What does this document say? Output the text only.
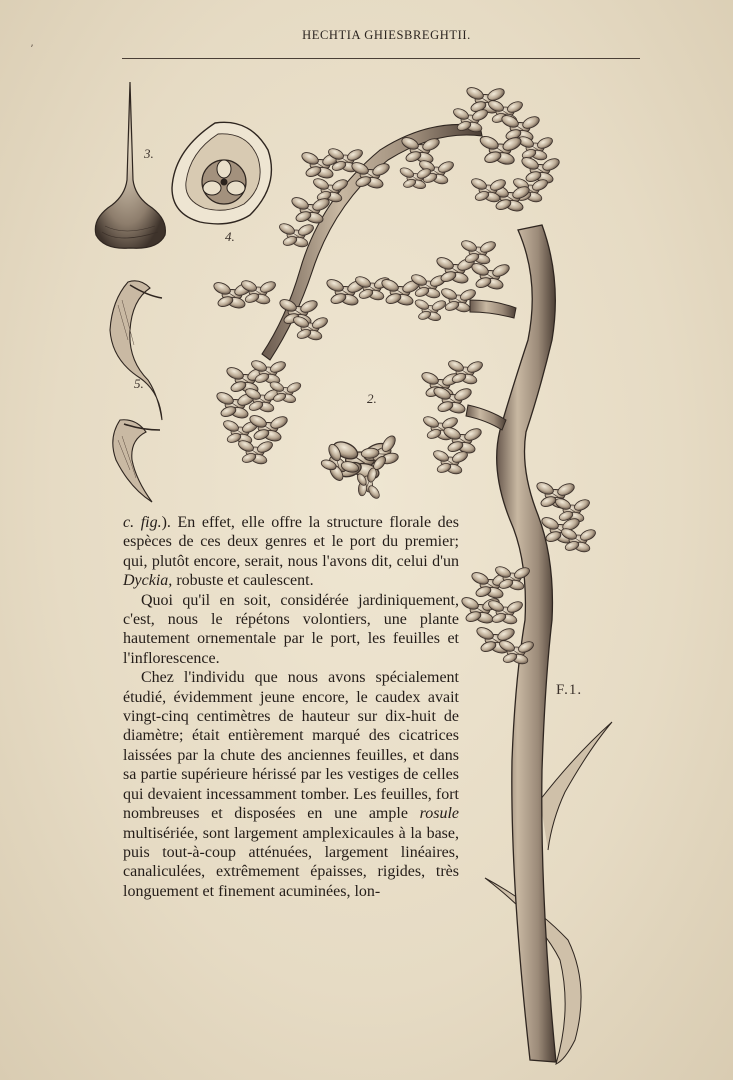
ʼ
HECHTIA GHIESBREGHTII.
3.
4.
5.
2.
F.1.

c. fig.). En effet, elle offre la structure florale des espèces de ces deux genres et le port du premier; qui, plutôt encore, serait, nous l'avons dit, celui d'un Dyckia, robuste et caulescent.

Quoi qu'il en soit, considérée jardiniquement, c'est, nous le répétons volontiers, une plante hautement ornementale par le port, les feuilles et l'inflorescence.

Chez l'individu que nous avons spécialement étudié, évidemment jeune encore, le caudex avait vingt-cinq centimètres de hauteur sur dix-huit de diamètre; était entièrement marqué des cicatrices laissées par la chute des anciennes feuilles, et dans sa partie supérieure hérissé par les vestiges de celles qui devaient incessamment tomber. Les feuilles, fort nombreuses et disposées en une ample rosule multisériée, sont largement amplexicaules à la base, puis tout-à-coup atténuées, largement linéaires, canaliculées, extrêmement épaisses, rigides, très longuement et finement acuminées, lon-
